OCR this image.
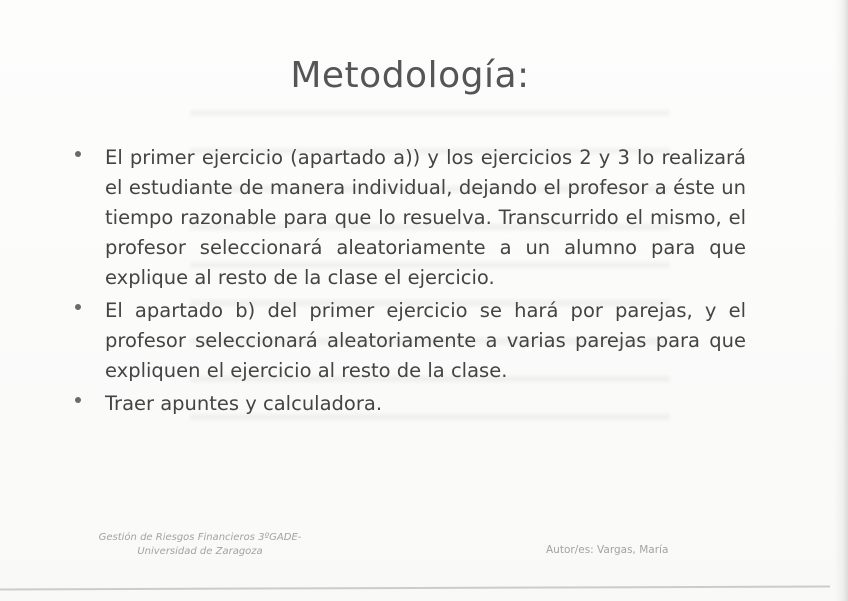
Metodología:
El primer ejercicio (apartado a)) y los ejercicios 2 y 3 lo realizará el estudiante de manera individual, dejando el profesor a éste un tiempo razonable para que lo resuelva. Transcurrido el mismo, el profesor seleccionará aleatoriamente a un alumno para que explique al resto de la clase el ejercicio.
El apartado b) del primer ejercicio se hará por parejas, y el profesor seleccionará aleatoriamente a varias parejas para que expliquen el ejercicio al resto de la clase.
Traer apuntes y calculadora.
Gestión de Riesgos Financieros 3ºGADE-
Universidad de Zaragoza	Autor/es: Vargas, María
